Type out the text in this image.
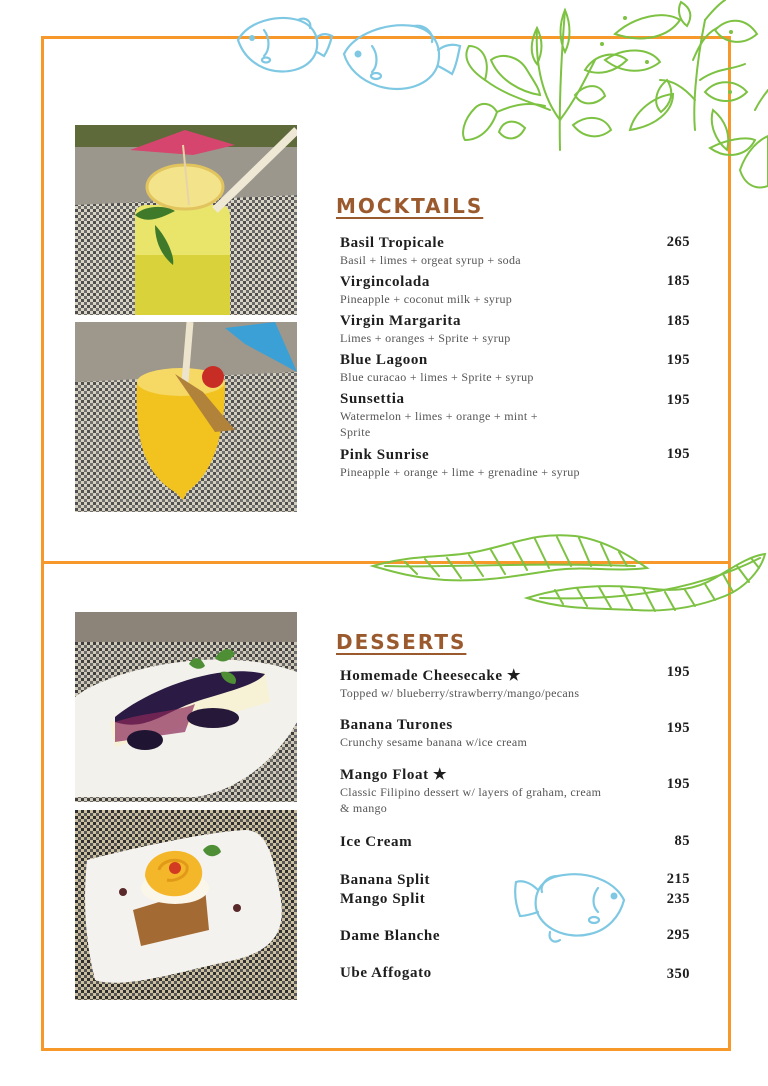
MOCKTAILS
Basil Tropicale
Basil + limes + orgeat syrup + soda
265
Virgincolada
Pineapple + coconut milk + syrup
185
Virgin Margarita
Limes + oranges + Sprite + syrup
185
Blue Lagoon
Blue curacao + limes + Sprite + syrup
195
Sunsettia
Watermelon + limes + orange + mint + Sprite
195
Pink Sunrise
Pineapple + orange + lime + grenadine + syrup
195
DESSERTS
Homemade Cheesecake ★
Topped w/ blueberry/strawberry/mango/pecans
195
Banana Turones
Crunchy sesame banana w/ice cream
195
Mango Float ★
Classic Filipino dessert w/ layers of graham, cream & mango
195
Ice Cream	85
Banana Split	215
Mango Split	235
Dame Blanche	295
Ube Affogato	350
